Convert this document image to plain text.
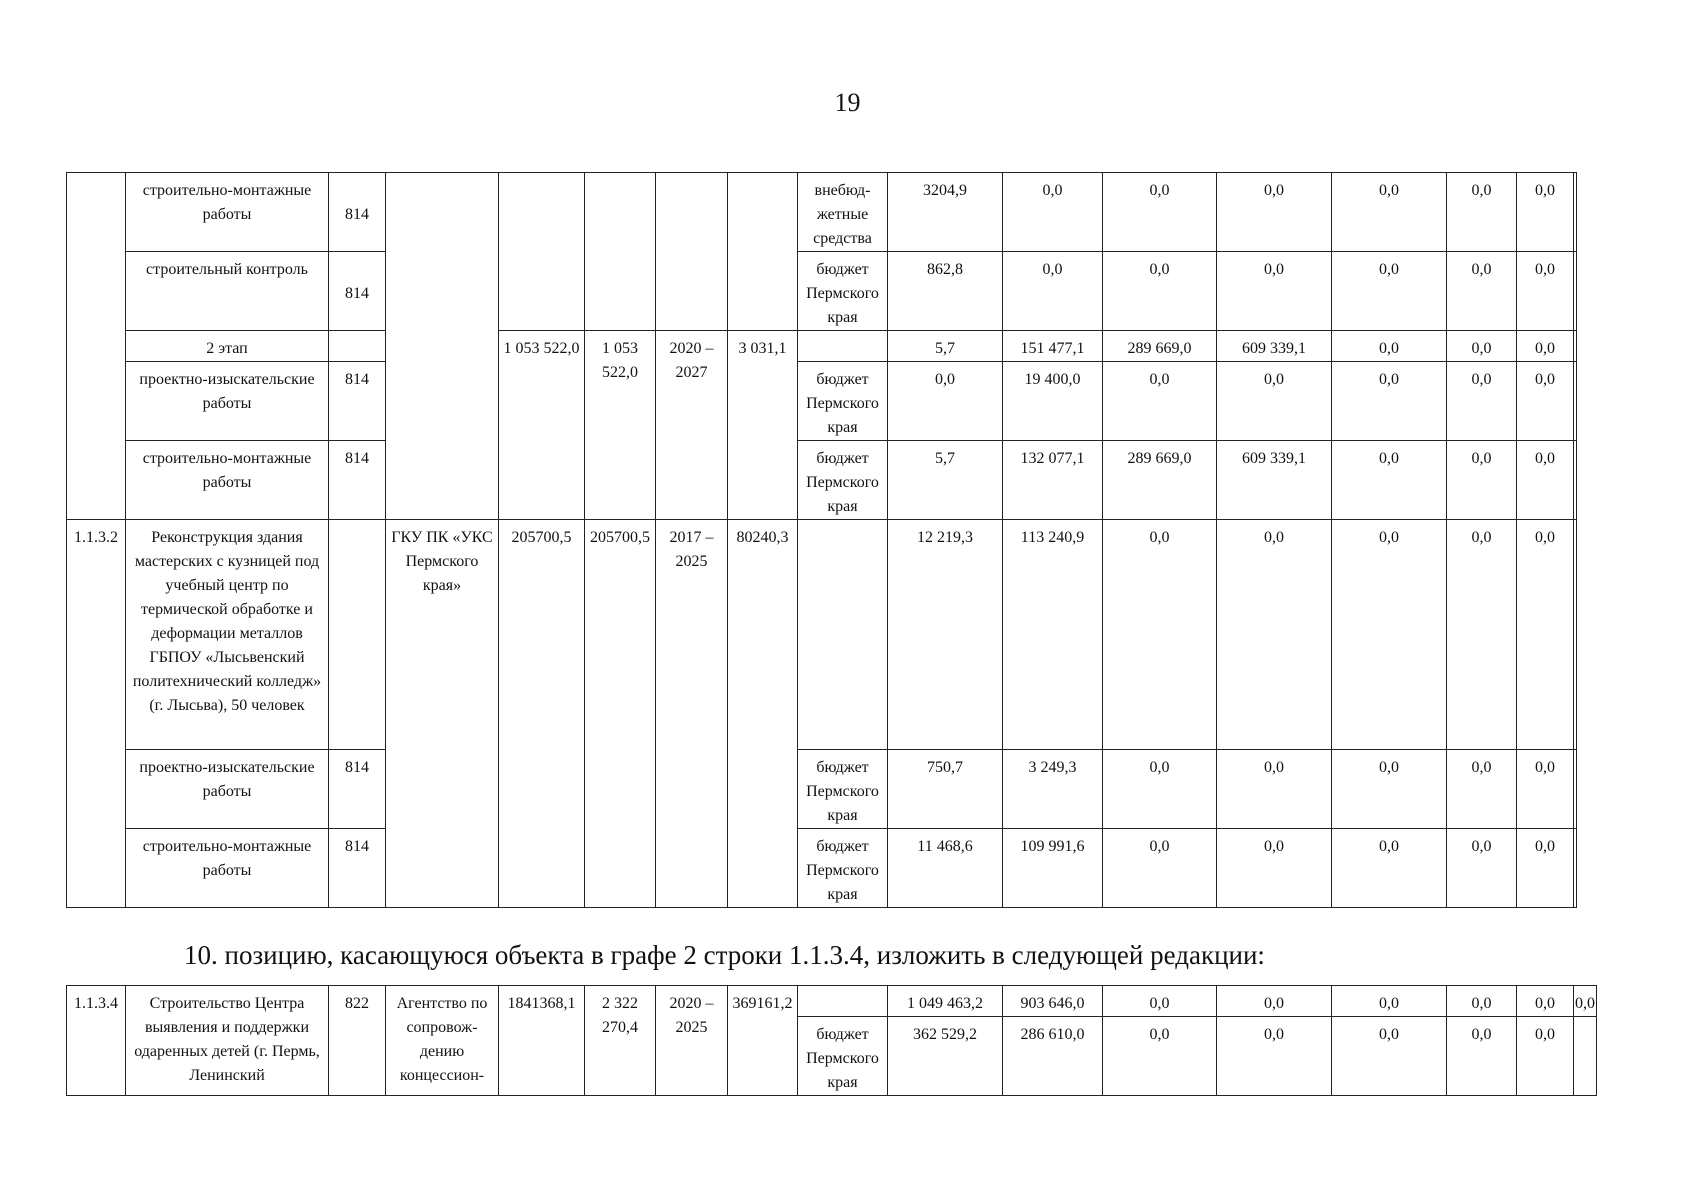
19
	строительно-монтажные работы	814						внебюд-жетные средства	3204,9	0,0	0,0	0,0	0,0	0,0	0,0	
	строительный контроль	814						бюджет Пермского края	862,8	0,0	0,0	0,0	0,0	0,0	0,0	
	2 этап			1 053 522,0	1 053 522,0	2020 – 2027	3 031,1		5,7	151 477,1	289 669,0	609 339,1	0,0	0,0	0,0	
	проектно-изыскательские работы	814						бюджет Пермского края	0,0	19 400,0	0,0	0,0	0,0	0,0	0,0	
	строительно-монтажные работы	814						бюджет Пермского края	5,7	132 077,1	289 669,0	609 339,1	0,0	0,0	0,0	
1.1.3.2	Реконструкция здания мастерских с кузницей под учебный центр по термической обработке и деформации металлов ГБПОУ «Лысьвенский политехнический колледж» (г. Лысьва), 50 человек		ГКУ ПК «УКС Пермского края»	205700,5	205700,5	2017 – 2025	80240,3		12 219,3	113 240,9	0,0	0,0	0,0	0,0	0,0	
	проектно-изыскательские работы	814						бюджет Пермского края	750,7	3 249,3	0,0	0,0	0,0	0,0	0,0	
	строительно-монтажные работы	814						бюджет Пермского края	11 468,6	109 991,6	0,0	0,0	0,0	0,0	0,0	
10. позицию, касающуюся объекта в графе 2 строки 1.1.3.4, изложить в следующей редакции:
1.1.3.4	Строительство Центра выявления и поддержки одаренных детей (г. Пермь, Ленинский	822	Агентство по сопровож-дению концессион-	1841368,1	2 322 270,4	2020 – 2025	369161,2		1 049 463,2	903 646,0	0,0	0,0	0,0	0,0	0,0	0,0
								бюджет Пермского края	362 529,2	286 610,0	0,0	0,0	0,0	0,0	0,0	
